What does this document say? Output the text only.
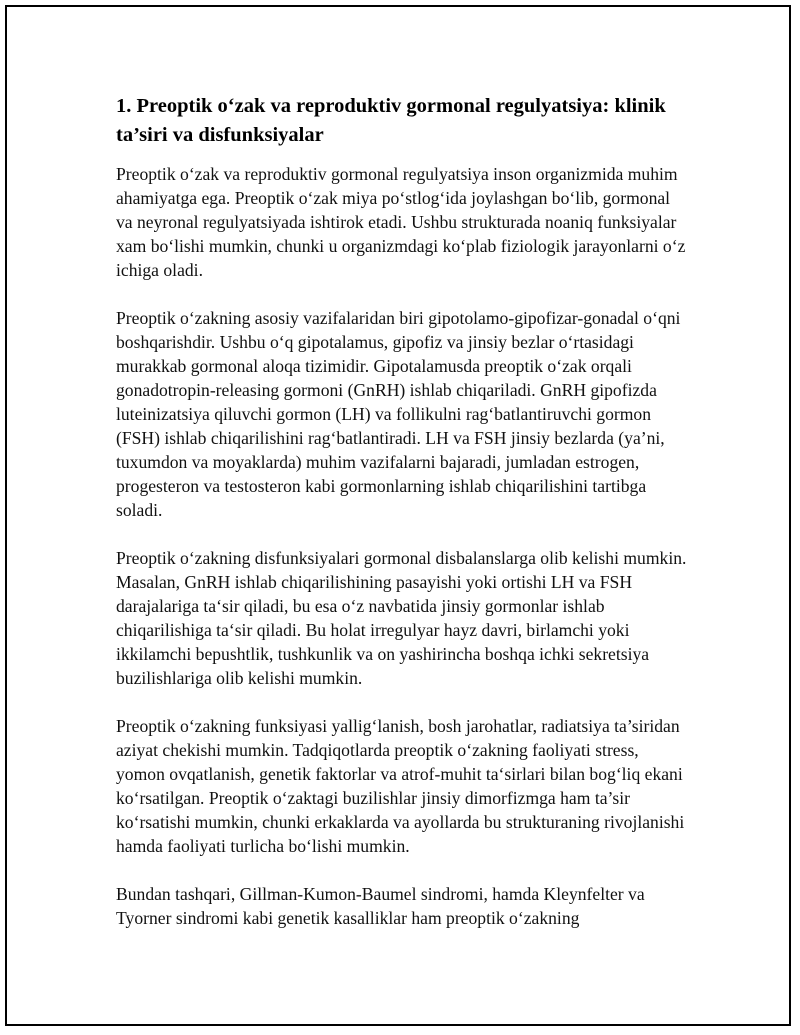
1. Preoptik o‘zak va reproduktiv gormonal regulyatsiya: klinik ta’siri va disfunksiyalar

Preoptik o‘zak va reproduktiv gormonal regulyatsiya inson organizmida muhim ahamiyatga ega. Preoptik o‘zak miya po‘stlog‘ida joylashgan bo‘lib, gormonal va neyronal regulyatsiyada ishtirok etadi. Ushbu strukturada noaniq funksiyalar xam bo‘lishi mumkin, chunki u organizmdagi ko‘plab fiziologik jarayonlarni o‘z ichiga oladi.

Preoptik o‘zakning asosiy vazifalaridan biri gipotolamo-gipofizar-gonadal o‘qni boshqarishdir. Ushbu o‘q gipotalamus, gipofiz va jinsiy bezlar o‘rtasidagi murakkab gormonal aloqa tizimidir. Gipotalamusda preoptik o‘zak orqali gonadotropin-releasing gormoni (GnRH) ishlab chiqariladi. GnRH gipofizda luteinizatsiya qiluvchi gormon (LH) va follikulni rag‘batlantiruvchi gormon (FSH) ishlab chiqarilishini rag‘batlantiradi. LH va FSH jinsiy bezlarda (ya’ni, tuxumdon va moyaklarda) muhim vazifalarni bajaradi, jumladan estrogen, progesteron va testosteron kabi gormonlarning ishlab chiqarilishini tartibga soladi.

Preoptik o‘zakning disfunksiyalari gormonal disbalanslarga olib kelishi mumkin. Masalan, GnRH ishlab chiqarilishining pasayishi yoki ortishi LH va FSH darajalariga ta‘sir qiladi, bu esa o‘z navbatida jinsiy gormonlar ishlab chiqarilishiga ta‘sir qiladi. Bu holat irregulyar hayz davri, birlamchi yoki ikkilamchi bepushtlik, tushkunlik va on yashirincha boshqa ichki sekretsiya buzilishlariga olib kelishi mumkin.

Preoptik o‘zakning funksiyasi yallig‘lanish, bosh jarohatlar, radiatsiya ta’siridan aziyat chekishi mumkin. Tadqiqotlarda preoptik o‘zakning faoliyati stress, yomon ovqatlanish, genetik faktorlar va atrof-muhit ta‘sirlari bilan bog‘liq ekani ko‘rsatilgan. Preoptik o‘zaktagi buzilishlar jinsiy dimorfizmga ham ta’sir ko‘rsatishi mumkin, chunki erkaklarda va ayollarda bu strukturaning rivojlanishi hamda faoliyati turlicha bo‘lishi mumkin.

Bundan tashqari, Gillman-Kumon-Baumel sindromi, hamda Kleynfelter va Tyorner sindromi kabi genetik kasalliklar ham preoptik o‘zakning
